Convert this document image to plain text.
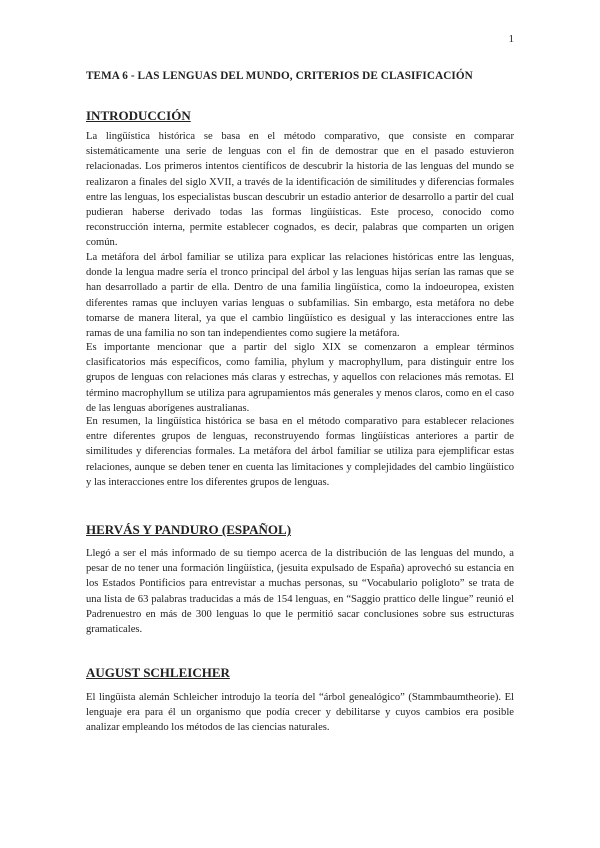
1
TEMA 6 - LAS LENGUAS DEL MUNDO, CRITERIOS DE CLASIFICACIÓN
INTRODUCCIÓN

La lingüística histórica se basa en el método comparativo, que consiste en comparar sistemáticamente una serie de lenguas con el fin de demostrar que en el pasado estuvieron relacionadas. Los primeros intentos científicos de descubrir la historia de las lenguas del mundo se realizaron a finales del siglo XVII, a través de la identificación de similitudes y diferencias formales entre las lenguas, los especialistas buscan descubrir un estadio anterior de desarrollo a partir del cual pudieran haberse derivado todas las formas lingüísticas. Este proceso, conocido como reconstrucción interna, permite establecer cognados, es decir, palabras que comparten un origen común.

La metáfora del árbol familiar se utiliza para explicar las relaciones históricas entre las lenguas, donde la lengua madre sería el tronco principal del árbol y las lenguas hijas serían las ramas que se han desarrollado a partir de ella. Dentro de una familia lingüística, como la indoeuropea, existen diferentes ramas que incluyen varias lenguas o subfamilias. Sin embargo, esta metáfora no debe tomarse de manera literal, ya que el cambio lingüístico es desigual y las interacciones entre las ramas de una familia no son tan independientes como sugiere la metáfora.

Es importante mencionar que a partir del siglo XIX se comenzaron a emplear términos clasificatorios más específicos, como familia, phylum y macrophyllum, para distinguir entre los grupos de lenguas con relaciones más claras y estrechas, y aquellos con relaciones más remotas. El término macrophyllum se utiliza para agrupamientos más generales y menos claros, como en el caso de las lenguas aborígenes australianas.

En resumen, la lingüística histórica se basa en el método comparativo para establecer relaciones entre diferentes grupos de lenguas, reconstruyendo formas lingüísticas anteriores a partir de similitudes y diferencias formales. La metáfora del árbol familiar se utiliza para ejemplificar estas relaciones, aunque se deben tener en cuenta las limitaciones y complejidades del cambio lingüístico y las interacciones entre los diferentes grupos de lenguas.

HERVÁS Y PANDURO (ESPAÑOL)

Llegó a ser el más informado de su tiempo acerca de la distribución de las lenguas del mundo, a pesar de no tener una formación lingüística, (jesuita expulsado de España) aprovechó su estancia en los Estados Pontificios para entrevistar a muchas personas, su “Vocabulario poligloto” se trata de una lista de 63 palabras traducidas a más de 154 lenguas, en “Saggio prattico delle lingue” reunió el Padrenuestro en más de 300 lenguas lo que le permitió sacar conclusiones sobre sus estructuras gramaticales.

AUGUST SCHLEICHER

El lingüista alemán Schleicher introdujo la teoría del “árbol genealógico” (Stammbaumtheorie). El lenguaje era para él un organismo que podía crecer y debilitarse y cuyos cambios era posible analizar empleando los métodos de las ciencias naturales.
